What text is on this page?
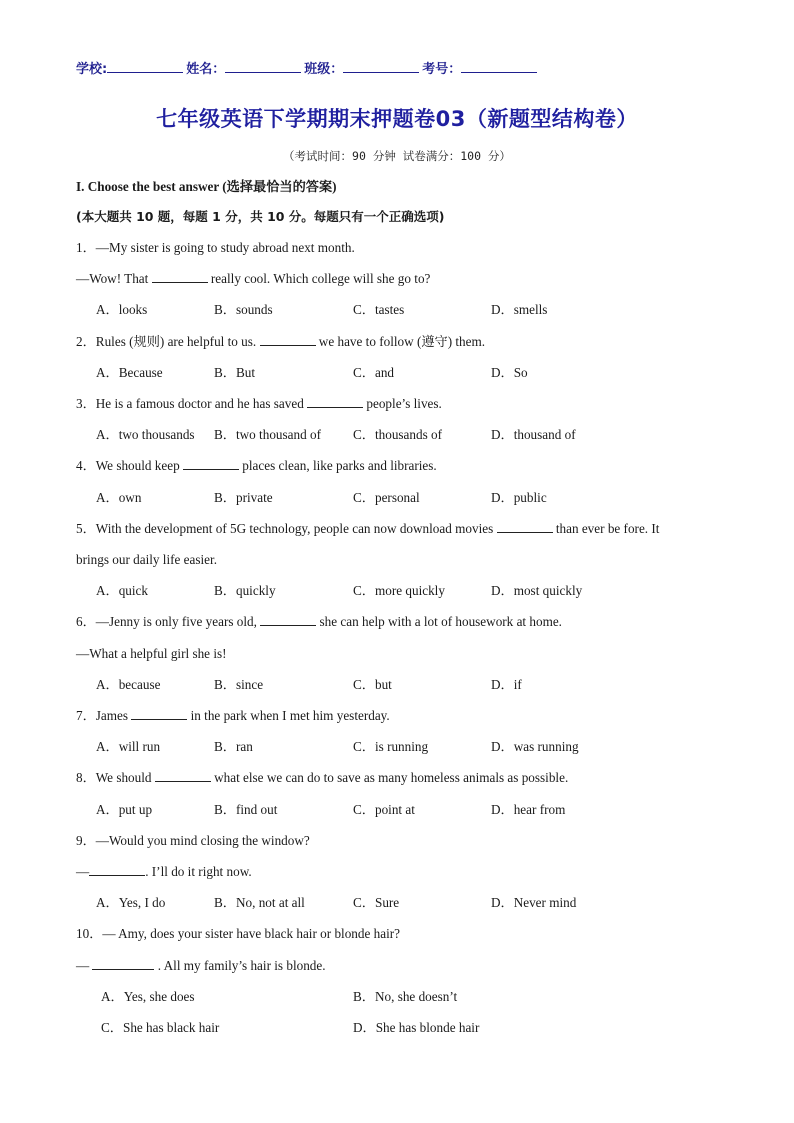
学校:	姓名：	班级：	考号：
七年级英语下学期期末押题卷03（新题型结构卷）
（考试时间：90 分钟 试卷满分：100 分）
I. Choose the best answer (选择最恰当的答案)
(本大题共 10 题，每题 1 分，共 10 分。每题只有一个正确选项)
1．—My sister is going to study abroad next month.
—Wow! That	really cool. Which college will she go to?
A．looks	B．sounds	C．tastes	D．smells
2．Rules (规则) are helpful to us.	we have to follow (遵守) them.
A．Because	B．But	C．and	D．So
3．He is a famous doctor and he has saved	people’s lives.
A．two thousands B．two thousand of C．thousands of	D．thousand of
4．We should keep	places clean, like parks and libraries.
A．own	B．private	C．personal	D．public
5．With the development of 5G technology, people can now download movies	than ever be fore. It
brings our daily life easier.
A．quick	B．quickly	C．more quickly	D．most quickly
6．—Jenny is only five years old,	she can help with a lot of housework at home.
—What a helpful girl she is!
A．because	B．since	C．but	D．if
7．James	in the park when I met him yesterday.
A．will run	B．ran	C．is running	D．was running
8．We should	what else we can do to save as many homeless animals as possible.
A．put up	B．find out	C．point at	D．hear from
9．—Would you mind closing the window?
—	. I’ll do it right now.
A．Yes, I do	B．No, not at all	C．Sure	D．Never mind
10．— Amy, does your sister have black hair or blonde hair?
—	. All my family’s hair is blonde.
A．Yes, she does	B．No, she doesn’t
C．She has black hair	D．She has blonde hair
